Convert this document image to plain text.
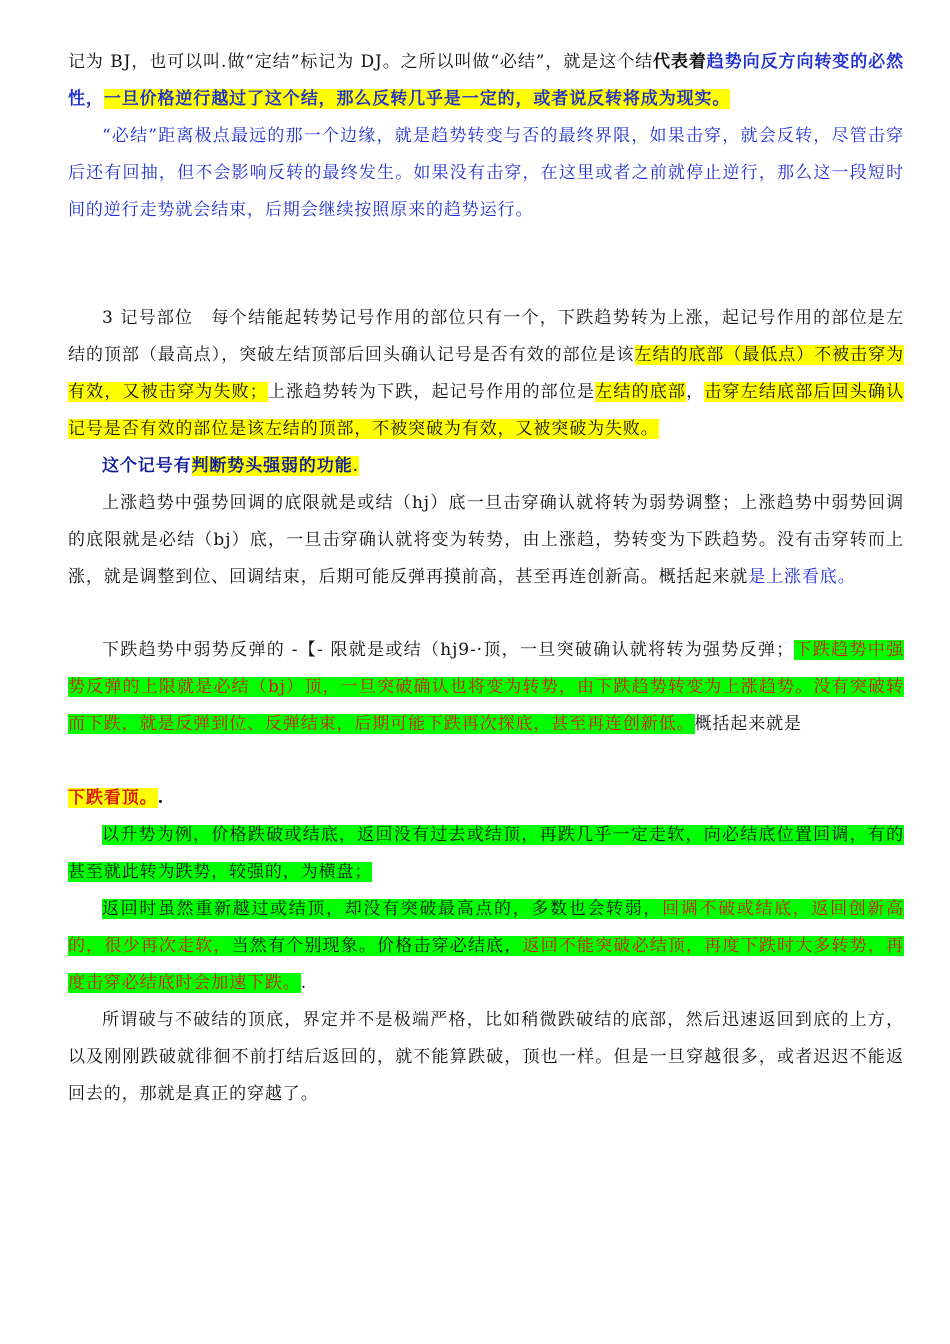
记为 BJ，也可以叫.做“定结”标记为 DJ。之所以叫做“必结”，就是这个结代表着趋势向反方向转变的必然性，一旦价格逆行越过了这个结，那么反转几乎是一定的，或者说反转将成为现实。

“必结”距离极点最远的那一个边缘，就是趋势转变与否的最终界限，如果击穿，就会反转，尽管击穿后还有回抽，但不会影响反转的最终发生。如果没有击穿，在这里或者之前就停止逆行，那么这一段短时间的逆行走势就会结束，后期会继续按照原来的趋势运行。

3 记号部位　每个结能起转势记号作用的部位只有一个，下跌趋势转为上涨，起记号作用的部位是左结的顶部（最高点），突破左结顶部后回头确认记号是否有效的部位是该左结的底部（最低点）不被击穿为有效，又被击穿为失败；上涨趋势转为下跌，起记号作用的部位是左结的底部，击穿左结底部后回头确认记号是否有效的部位是该左结的顶部，不被突破为有效，又被突破为失败。

这个记号有判断势头强弱的功能.

上涨趋势中强势回调的底限就是或结（hj）底一旦击穿确认就将转为弱势调整；上涨趋势中弱势回调的底限就是必结（bj）底，一旦击穿确认就将变为转势，由上涨趋，势转变为下跌趋势。没有击穿转而上涨，就是调整到位、回调结束，后期可能反弹再摸前高，甚至再连创新高。概括起来就是上涨看底。

下跌趋势中弱势反弹的 -【- 限就是或结（hj9-·顶，一旦突破确认就将转为强势反弹；下跌趋势中强势反弹的上限就是必结（bj）顶，一旦突破确认也将变为转势，由下跌趋势转变为上涨趋势。没有突破转而下跌，就是反弹到位、反弹结束，后期可能下跌再次探底，甚至再连创新低。概括起来就是

下跌看顶。.

以升势为例，价格跌破或结底，返回没有过去或结顶，再跌几乎一定走软，向必结底位置回调，有的甚至就此转为跌势，较强的，为横盘；

返回时虽然重新越过或结顶，却没有突破最高点的，多数也会转弱，回调不破或结底，返回创新高的，很少再次走软，当然有个别现象。价格击穿必结底，返回不能突破必结顶，再度下跌时大多转势，再度击穿必结底时会加速下跌。.

所谓破与不破结的顶底，界定并不是极端严格，比如稍微跌破结的底部，然后迅速返回到底的上方，以及刚刚跌破就徘徊不前打结后返回的，就不能算跌破，顶也一样。但是一旦穿越很多，或者迟迟不能返回去的，那就是真正的穿越了。
